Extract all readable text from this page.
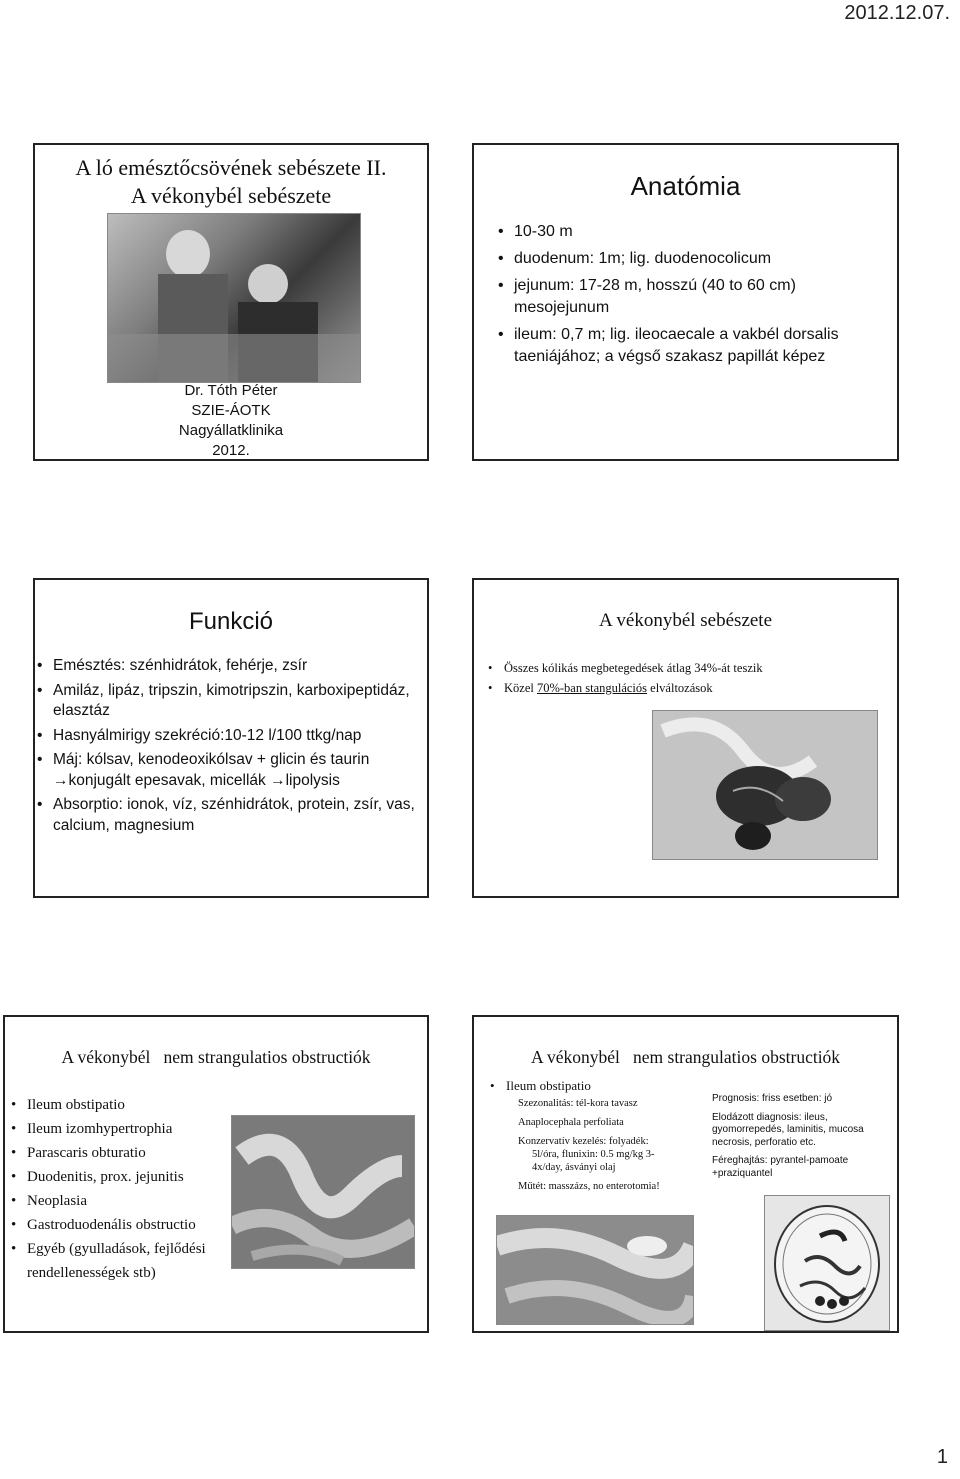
2012.12.07.
A ló emésztőcsövének sebészete II.
A vékonybél sebészete
Dr. Tóth Péter
SZIE-ÁOTK
Nagyállatklinika
2012.
Anatómia
• 10-30 m
• duodenum: 1m; lig. duodenocolicum
• jejunum: 17-28 m, hosszú (40 to 60 cm) mesojejunum
• ileum: 0,7 m; lig. ileocaecale a vakbél dorsalis taeniájához; a végső szakasz papillát képez
Funkció
• Emésztés: szénhidrátok, fehérje, zsír
• Amiláz, lipáz, tripszin, kimotripszin, karboxipeptidáz, elasztáz
• Hasnyálmirigy szekréció:10-12 l/100 ttkg/nap
• Máj: kólsav, kenodeoxikólsav + glicin és taurin →konjugált epesavak, micellák →lipolysis
• Absorptio: ionok, víz, szénhidrátok, protein, zsír, vas, calcium, magnesium
A vékonybél sebészete
• Összes kólikás megbetegedések átlag 34%-át teszik
• Közel 70%-ban stangulációs elváltozások
A vékonybél   nem strangulatios obstructiók
• Ileum obstipatio
• Ileum izomhypertrophia
• Parascaris obturatio
• Duodenitis, prox. jejunitis
• Neoplasia
• Gastroduodenális obstructio
• Egyéb (gyulladások, fejlődési rendellenességek stb)
A vékonybél   nem strangulatios obstructiók
• Ileum obstipatio
Szezonalitás: tél-kora tavasz
Anaplocephala perfoliata
Konzervatív kezelés: folyadék:
5l/óra, flunixin: 0.5 mg/kg 3-
4x/day, ásványi olaj
Műtét: masszázs, no enterotomia!
Prognosis: friss esetben: jó
Elodázott diagnosis: ileus, gyomorrepedés, laminitis, mucosa necrosis, perforatio etc.
Féreghajtás: pyrantel-pamoate +praziquantel
1
